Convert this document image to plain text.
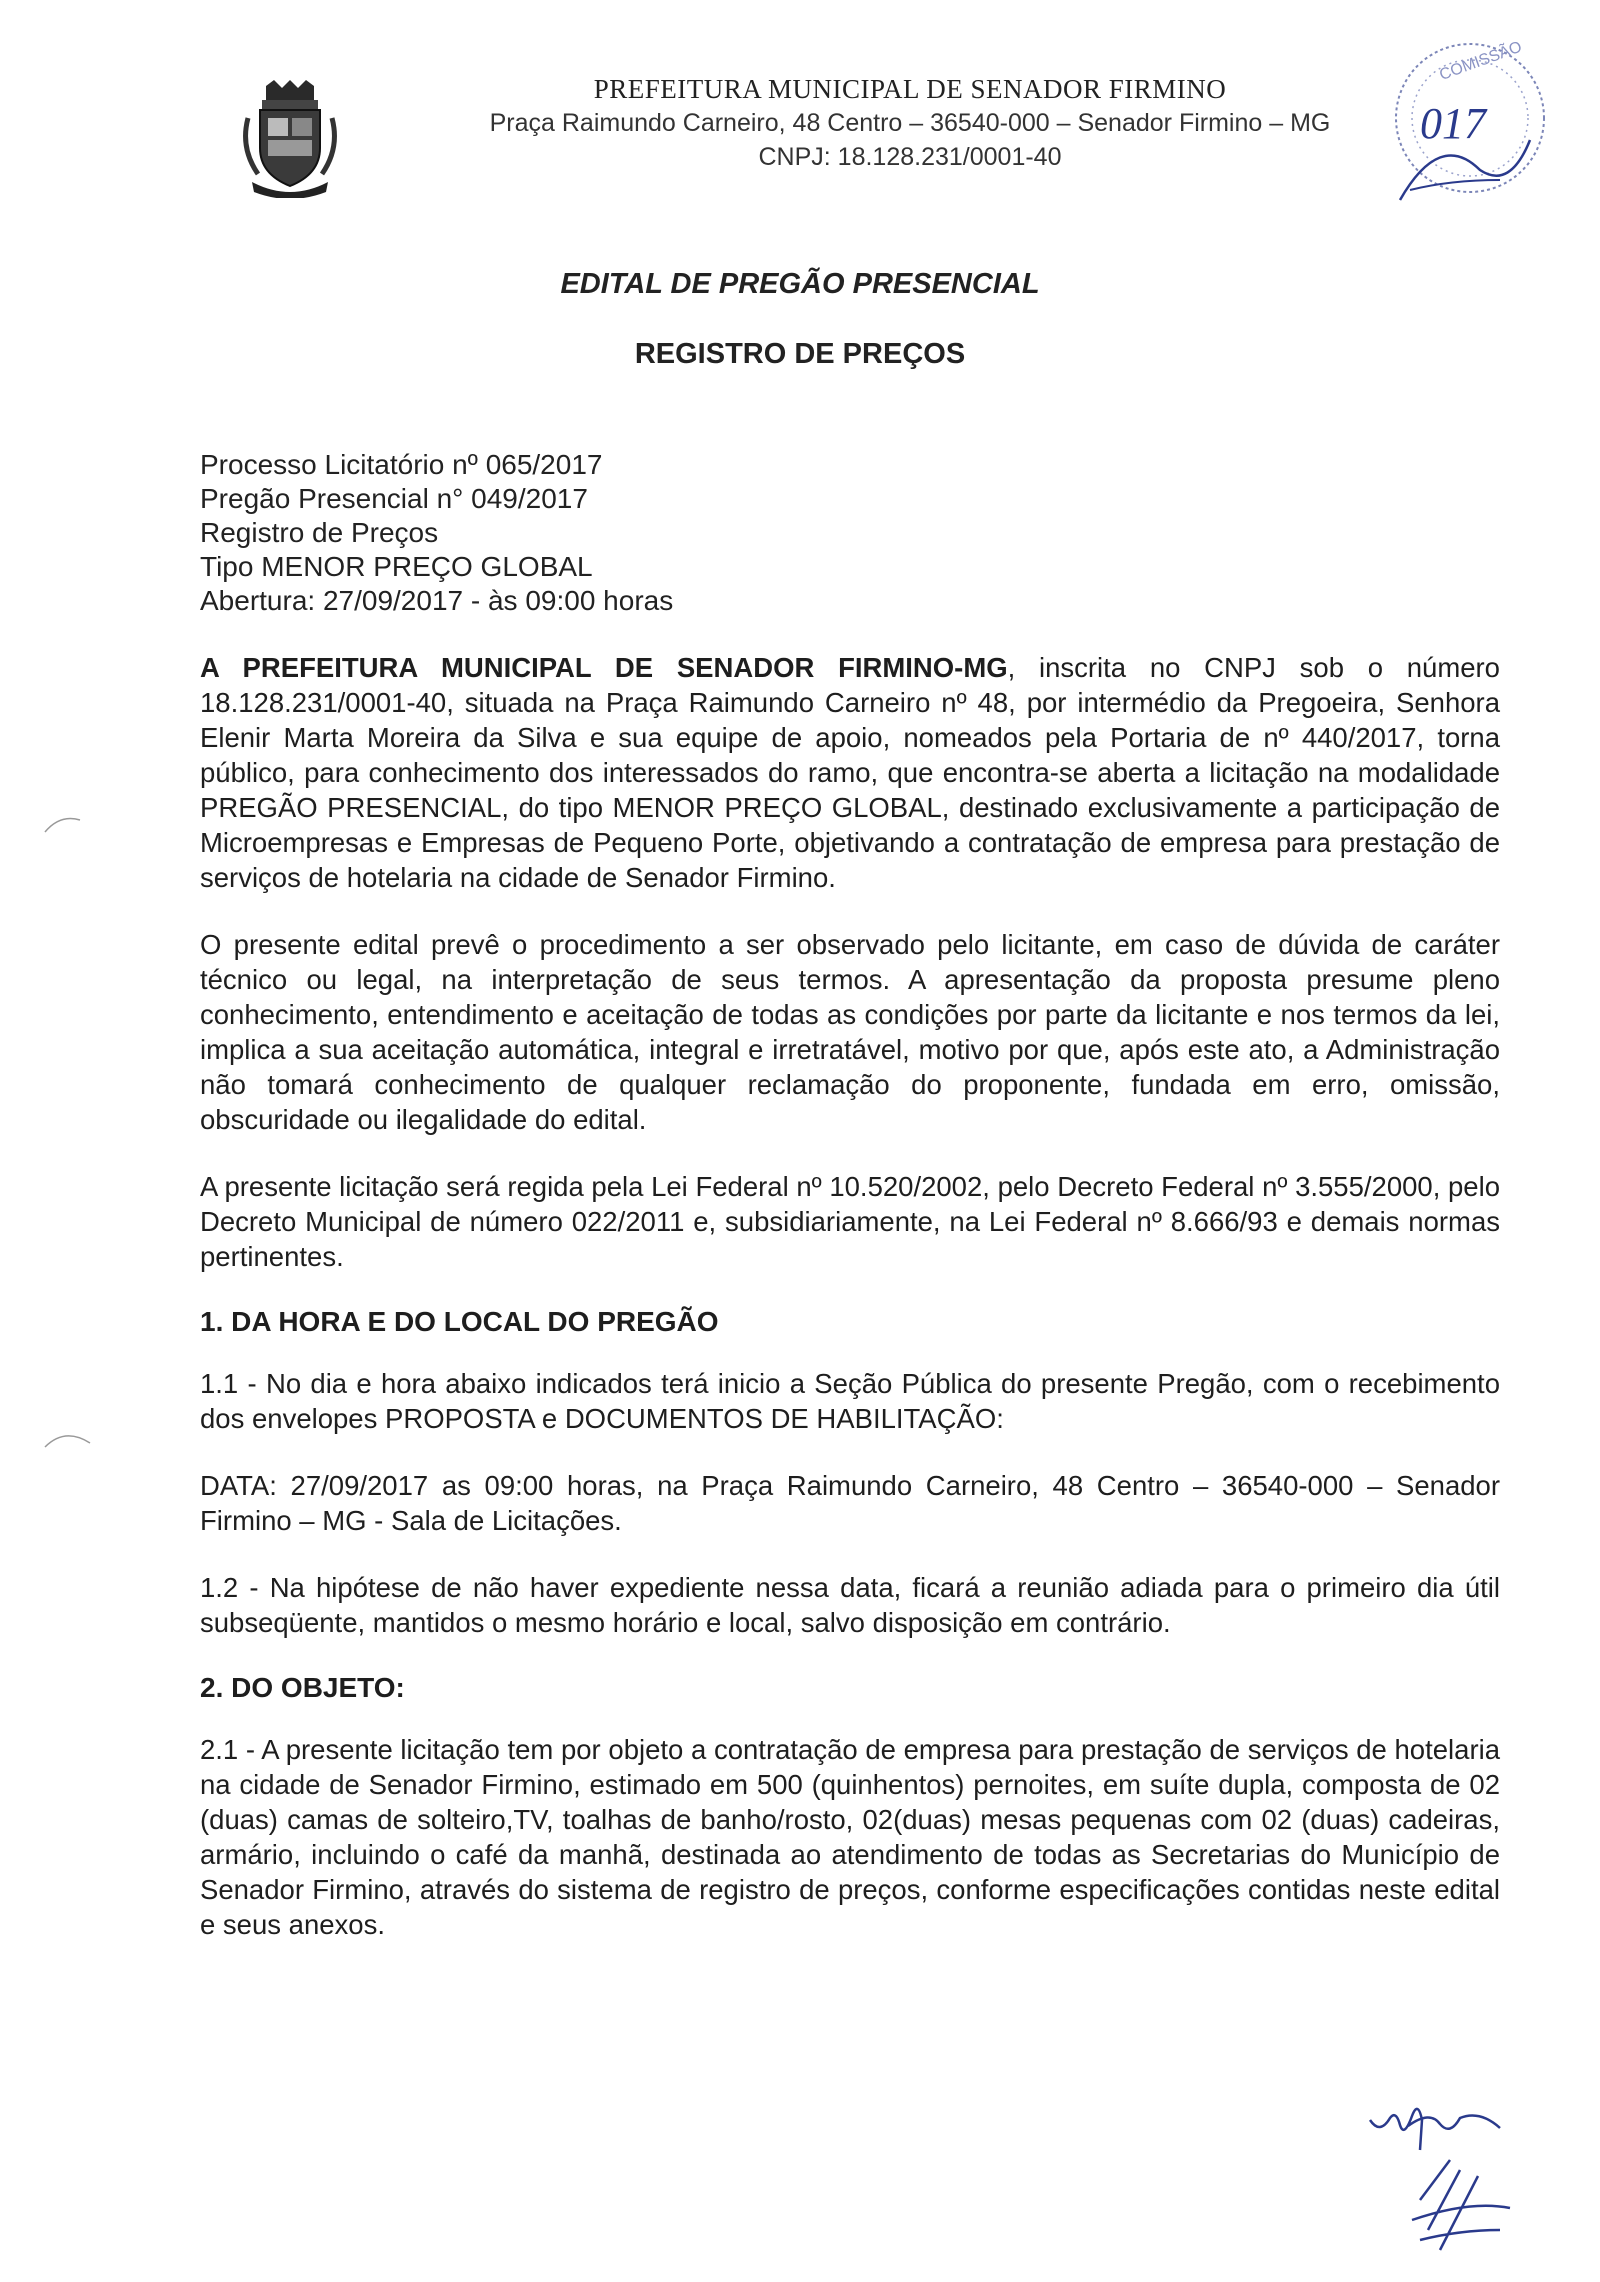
PREFEITURA MUNICIPAL DE SENADOR FIRMINO
Praça Raimundo Carneiro, 48 Centro – 36540-000 – Senador Firmino – MG
CNPJ: 18.128.231/0001-40
COMISSÃO
017
EDITAL DE PREGÃO PRESENCIAL
REGISTRO DE PREÇOS
Processo Licitatório nº 065/2017
Pregão Presencial n° 049/2017
Registro de Preços
Tipo MENOR PREÇO GLOBAL
Abertura: 27/09/2017 - às 09:00 horas

A PREFEITURA MUNICIPAL DE SENADOR FIRMINO-MG, inscrita no CNPJ sob o número 18.128.231/0001-40, situada na Praça Raimundo Carneiro nº 48, por intermédio da Pregoeira, Senhora Elenir Marta Moreira da Silva e sua equipe de apoio, nomeados pela Portaria de nº 440/2017, torna público, para conhecimento dos interessados do ramo, que encontra-se aberta a licitação na modalidade PREGÃO PRESENCIAL, do tipo MENOR PREÇO GLOBAL, destinado exclusivamente a participação de Microempresas e Empresas de Pequeno Porte, objetivando a contratação de empresa para prestação de serviços de hotelaria na cidade de Senador Firmino.

O presente edital prevê o procedimento a ser observado pelo licitante, em caso de dúvida de caráter técnico ou legal, na interpretação de seus termos. A apresentação da proposta presume pleno conhecimento, entendimento e aceitação de todas as condições por parte da licitante e nos termos da lei, implica a sua aceitação automática, integral e irretratável, motivo por que, após este ato, a Administração não tomará conhecimento de qualquer reclamação do proponente, fundada em erro, omissão, obscuridade ou ilegalidade do edital.

A presente licitação será regida pela Lei Federal nº 10.520/2002, pelo Decreto Federal nº 3.555/2000, pelo Decreto Municipal de número 022/2011 e, subsidiariamente, na Lei Federal nº 8.666/93 e demais normas pertinentes.

1. DA HORA E DO LOCAL DO PREGÃO

1.1 - No dia e hora abaixo indicados terá inicio a Seção Pública do presente Pregão, com o recebimento dos envelopes PROPOSTA e DOCUMENTOS DE HABILITAÇÃO:

DATA: 27/09/2017 as 09:00 horas, na Praça Raimundo Carneiro, 48 Centro – 36540-000 – Senador Firmino – MG - Sala de Licitações.

1.2 - Na hipótese de não haver expediente nessa data, ficará a reunião adiada para o primeiro dia útil subseqüente, mantidos o mesmo horário e local, salvo disposição em contrário.

2. DO OBJETO:

2.1 - A presente licitação tem por objeto a contratação de empresa para prestação de serviços de hotelaria na cidade de Senador Firmino, estimado em 500 (quinhentos) pernoites, em suíte dupla, composta de 02 (duas) camas de solteiro,TV, toalhas de banho/rosto, 02(duas) mesas pequenas com 02 (duas) cadeiras, armário, incluindo o café da manhã, destinada ao atendimento de todas as Secretarias do Município de Senador Firmino, através do sistema de registro de preços, conforme especificações contidas neste edital e seus anexos.
